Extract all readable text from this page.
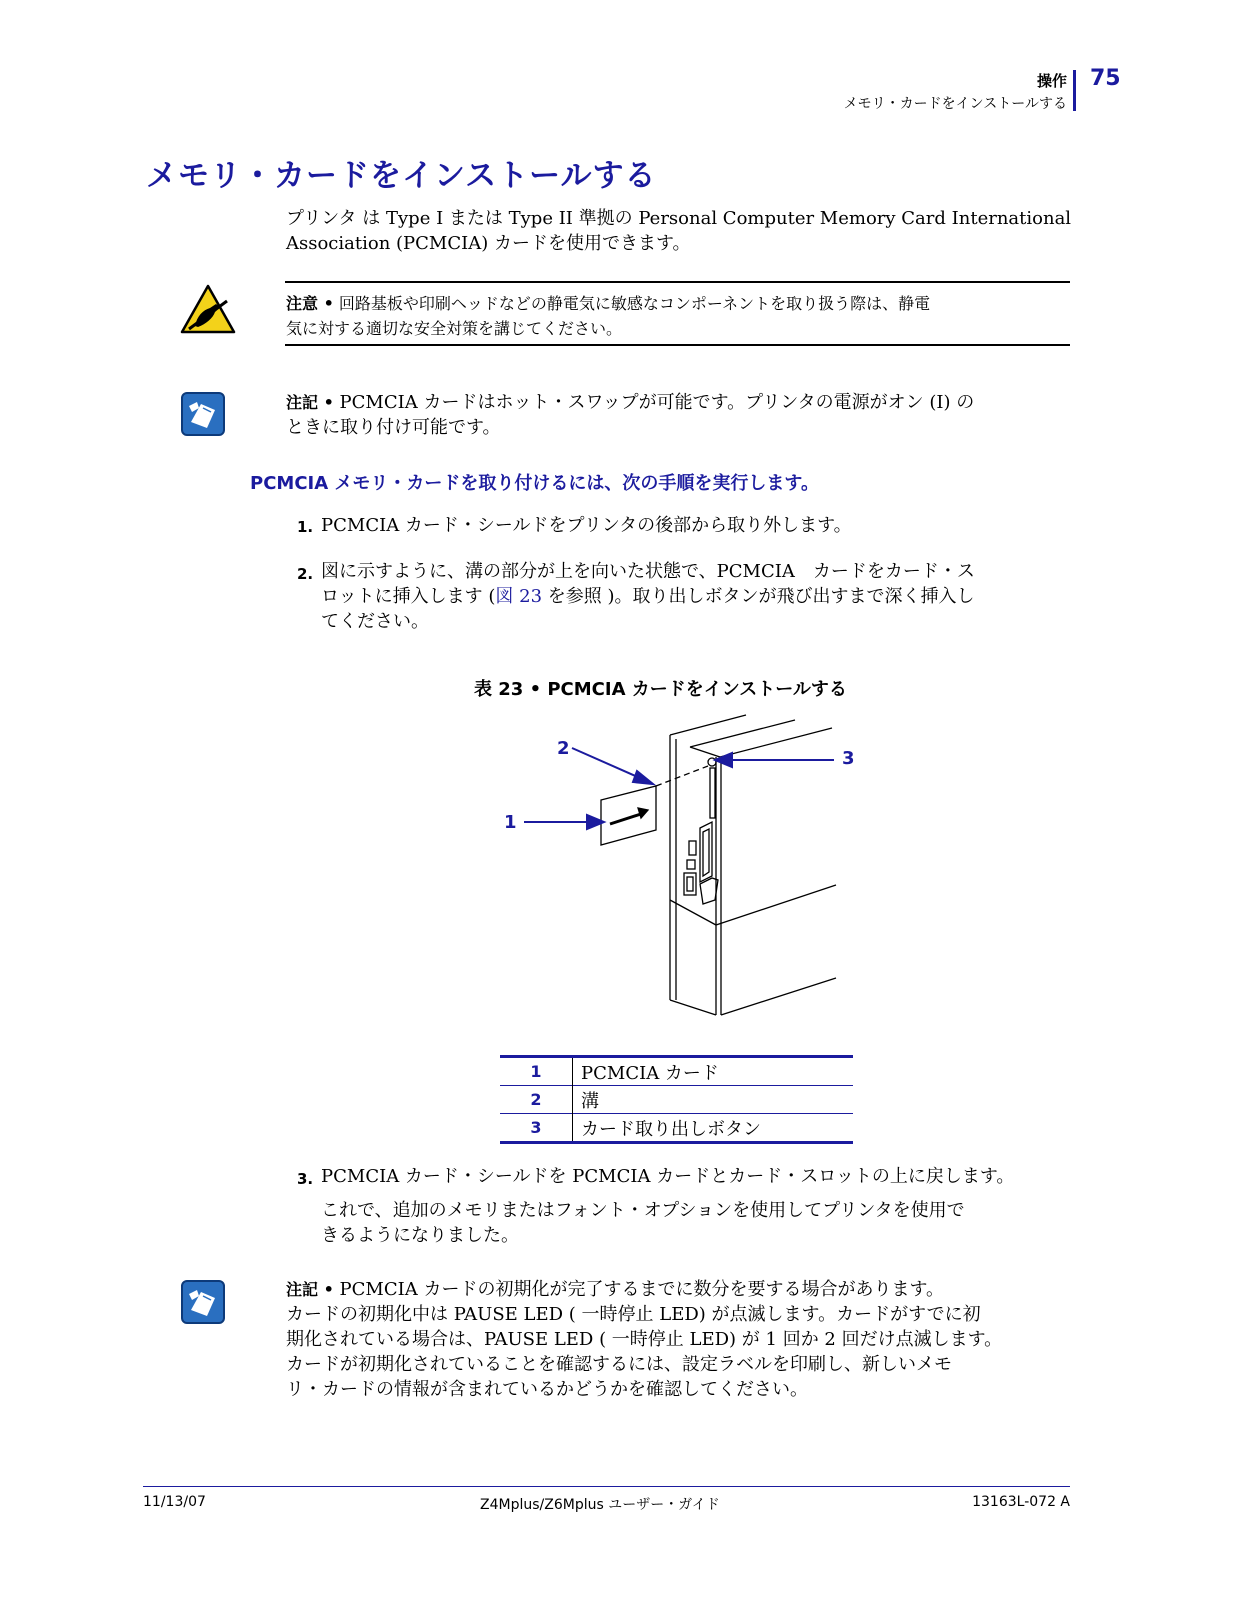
操作
メモリ・カードをインストールする
75
メモリ・カードをインストールする
プリンタ は Type I または Type II 準拠の Personal Computer Memory Card International
Association (PCMCIA) カードを使用できます。
注意 • 回路基板や印刷ヘッドなどの静電気に敏感なコンポーネントを取り扱う際は、静電
気に対する適切な安全対策を講じてください。
注記 • PCMCIA カードはホット・スワップが可能です。プリンタの電源がオン (I) の
ときに取り付け可能です。
PCMCIA メモリ・カードを取り付けるには、次の手順を実行します。
1. PCMCIA カード・シールドをプリンタの後部から取り外します。
2. 図に示すように、溝の部分が上を向いた状態で、PCMCIA　カードをカード・ス
ロットに挿入します (図 23 を参照 )。取り出しボタンが飛び出すまで深く挿入し
てください。
表 23 • PCMCIA カードをインストールする
2
1
3
1	PCMCIA カード
2	溝
3	カード取り出しボタン
3. PCMCIA カード・シールドを PCMCIA カードとカード・スロットの上に戻します。
これで、追加のメモリまたはフォント・オプションを使用してプリンタを使用で
きるようになりました。
注記 • PCMCIA カードの初期化が完了するまでに数分を要する場合があります。
カードの初期化中は PAUSE LED ( 一時停止 LED) が点滅します。カードがすでに初
期化されている場合は、PAUSE LED ( 一時停止 LED) が 1 回か 2 回だけ点滅します。
カードが初期化されていることを確認するには、設定ラベルを印刷し、新しいメモ
リ・カードの情報が含まれているかどうかを確認してください。
11/13/07	Z4Mplus/Z6Mplus ユーザー・ガイド	13163L-072 A
